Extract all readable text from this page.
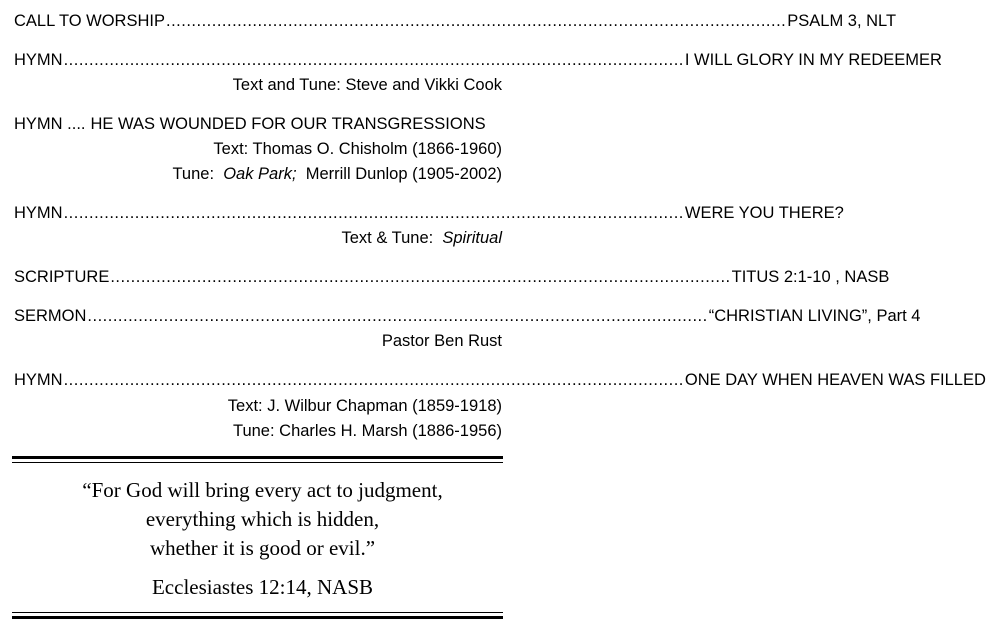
CALL TO WORSHIP .......................................................................................................................... PSALM 3, NLT
HYMN .......................................................................................................................... I WILL GLORY IN MY REDEEMER
Text and Tune: Steve and Vikki Cook
HYMN .... HE WAS WOUNDED FOR OUR TRANSGRESSIONS
Text: Thomas O. Chisholm (1866-1960)
Tune:  Oak Park;  Merrill Dunlop (1905-2002)
HYMN .......................................................................................................................... WERE YOU THERE?
Text & Tune:  Spiritual
SCRIPTURE .......................................................................................................................... TITUS 2:1-10 , NASB
SERMON .......................................................................................................................... “CHRISTIAN LIVING”, Part 4
Pastor Ben Rust
HYMN .......................................................................................................................... ONE DAY WHEN HEAVEN WAS FILLED
Text: J. Wilbur Chapman (1859-1918)
Tune: Charles H. Marsh (1886-1956)
“For God will bring every act to judgment,
everything which is hidden,
whether it is good or evil.”
Ecclesiastes 12:14, NASB
